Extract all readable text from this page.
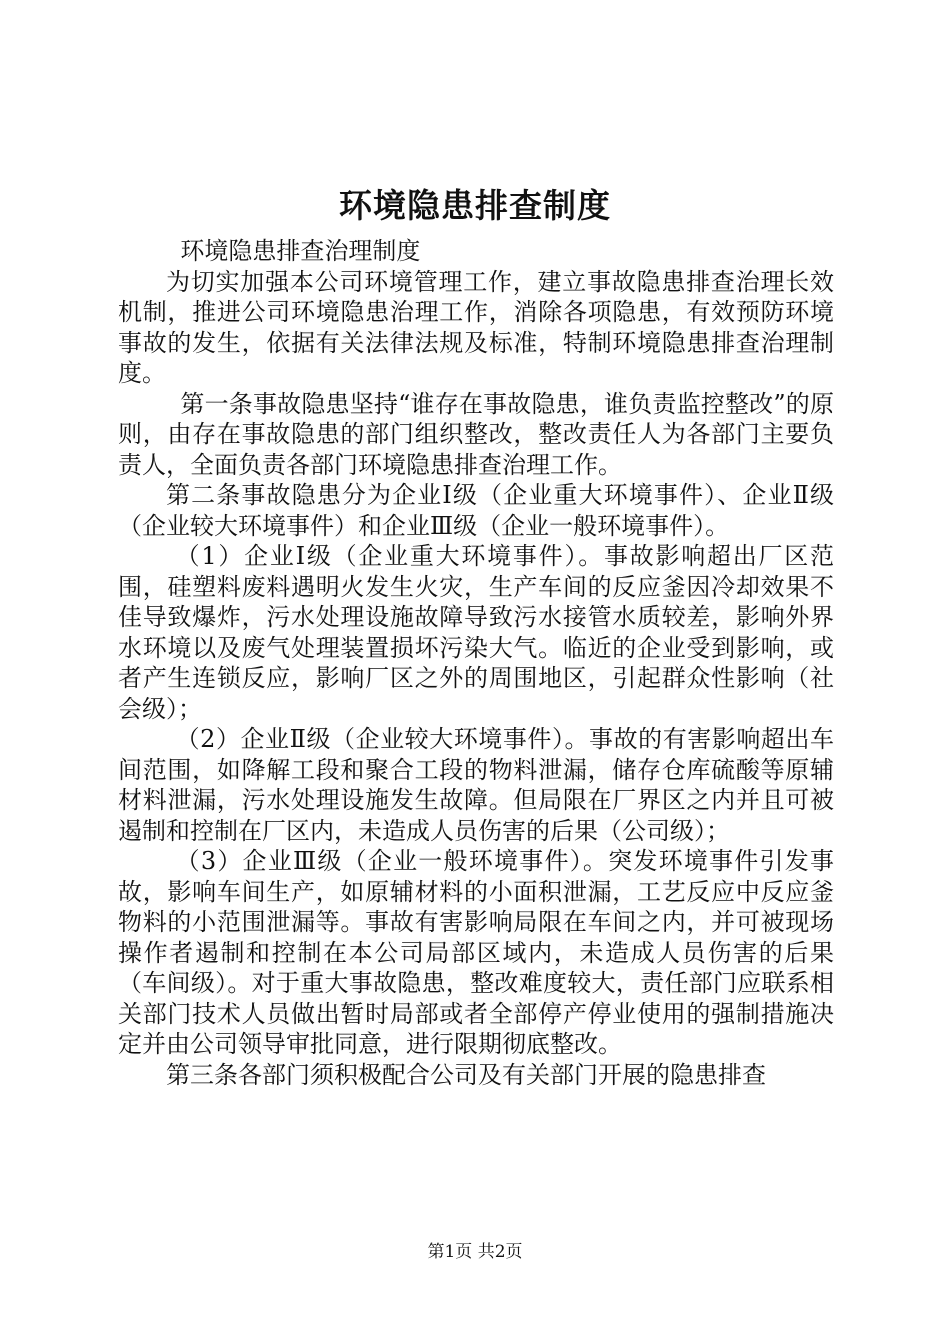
环境隐患排查制度

环境隐患排查治理制度

为切实加强本公司环境管理工作，建立事故隐患排查治理长效机制，推进公司环境隐患治理工作，消除各项隐患，有效预防环境事故的发生，依据有关法律法规及标准，特制环境隐患排查治理制度。

第一条事故隐患坚持“谁存在事故隐患，谁负责监控整改”的原则，由存在事故隐患的部门组织整改，整改责任人为各部门主要负责人，全面负责各部门环境隐患排查治理工作。

第二条事故隐患分为企业Ⅰ级（企业重大环境事件）、企业Ⅱ级（企业较大环境事件）和企业Ⅲ级（企业一般环境事件）。

（1）企业Ⅰ级（企业重大环境事件）。事故影响超出厂区范围，硅塑料废料遇明火发生火灾，生产车间的反应釜因冷却效果不佳导致爆炸，污水处理设施故障导致污水接管水质较差，影响外界水环境以及废气处理装置损坏污染大气。临近的企业受到影响，或者产生连锁反应，影响厂区之外的周围地区，引起群众性影响（社会级）；

（2）企业Ⅱ级（企业较大环境事件）。事故的有害影响超出车间范围，如降解工段和聚合工段的物料泄漏，储存仓库硫酸等原辅材料泄漏，污水处理设施发生故障。但局限在厂界区之内并且可被遏制和控制在厂区内，未造成人员伤害的后果（公司级）；

（3）企业Ⅲ级（企业一般环境事件）。突发环境事件引发事故，影响车间生产，如原辅材料的小面积泄漏，工艺反应中反应釜物料的小范围泄漏等。事故有害影响局限在车间之内，并可被现场操作者遏制和控制在本公司局部区域内，未造成人员伤害的后果（车间级）。对于重大事故隐患，整改难度较大，责任部门应联系相关部门技术人员做出暂时局部或者全部停产停业使用的强制措施决定并由公司领导审批同意，进行限期彻底整改。

第三条各部门须积极配合公司及有关部门开展的隐患排查

第1页 共2页
